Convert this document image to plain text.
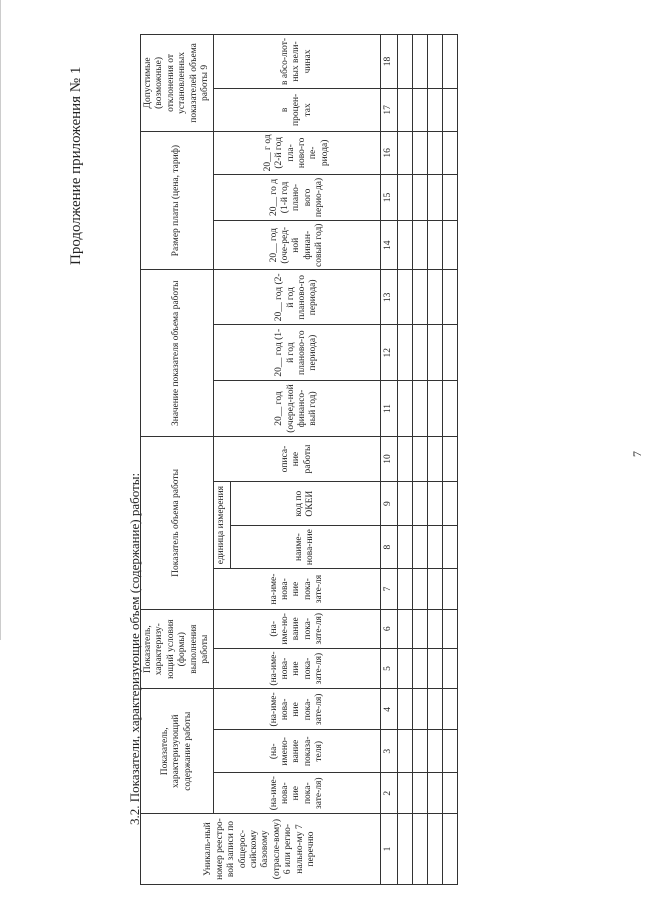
7
Продолжение приложения № 1
3.2. Показатели, характеризующие объем (содержание) работы:
Уникаль-ный номер реестро-вой записи по общерос-сийскому базовому (отрасле-вому) 6 или регио-нально-му 7 перечню	Показатель, характеризующий содержание работы			Показатель, характеризу-ющий условия (формы) выполнения работы		Показатель объема работы				Значение показателя объема работы			Размер платы (цена, тариф)			Допустимые (возможные) отклонения от установленных показателей объема работы 9	
	(на-име-нова-ние пока-зате-ля)	(на-имено-вание показа-теля)	(на-име-нова-ние пока-зате-ля)	(на-име-нова-ние пока-зате-ля)	(на-име-но-вание пока-зате-ля)	на-име-нова-ние пока-зате-ля	единица измерения		описа-ние работы	20__ год (очеред-ной финансо-вый год)	20__ год (1-й год планово-го периода)	20__ год (2-й год планово-го периода)	20__ год (оче-ред-ной финан-совый год)	20__ го д (1-й год плано-вого перио-да)	20__ г од (2-й год пла-ново-го пе-риода)	в процен-тах	в абсо-лют-ных вели-чинах
							наиме-нова-ние	код по ОКЕИ									
1	2	3	4	5	6	7	8	9	10	11	12	13	14	15	16	17	18
